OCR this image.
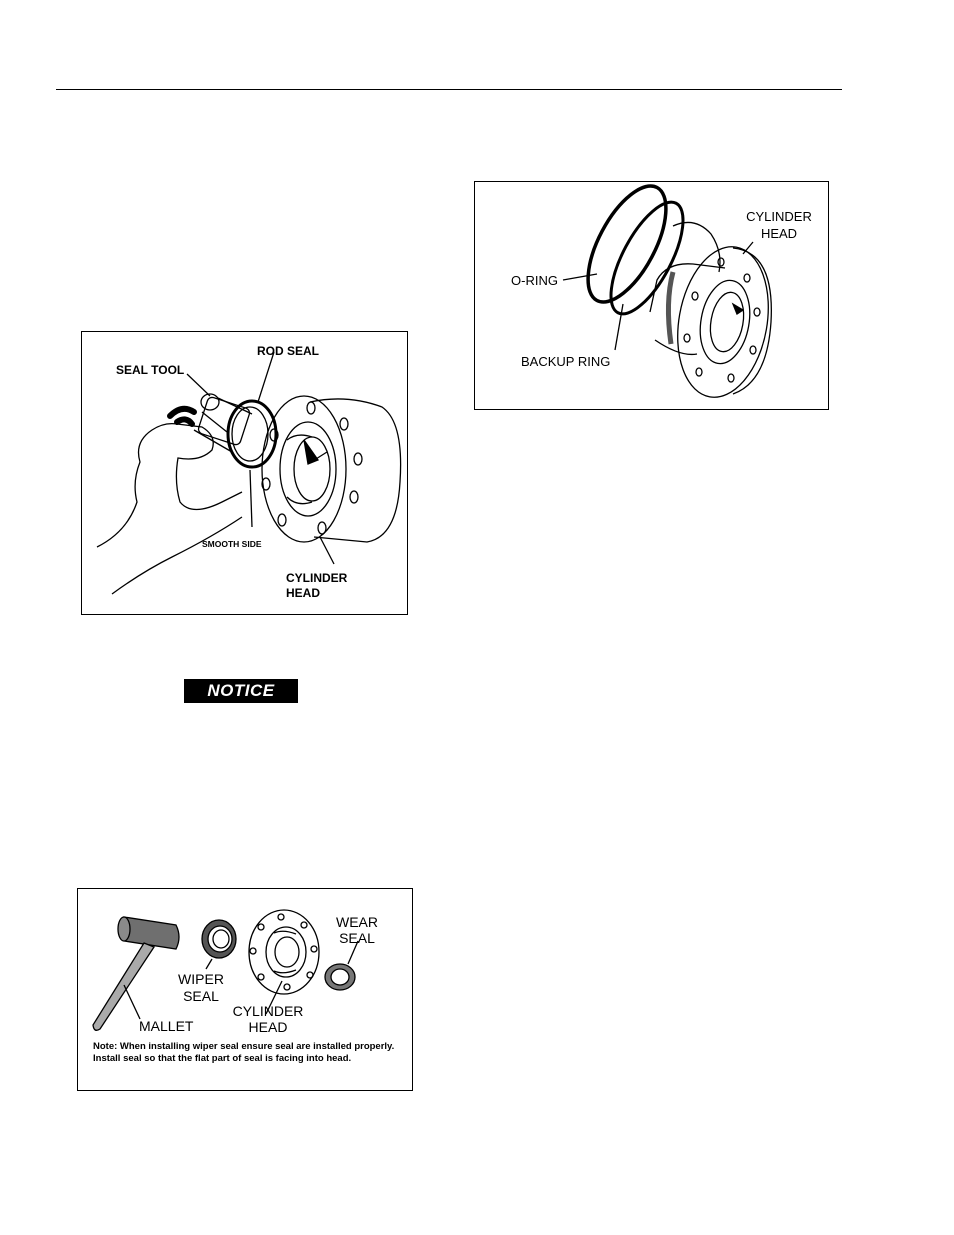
SEAL TOOL
ROD SEAL
SMOOTH SIDE
CYLINDER
HEAD
NOTICE
WEAR
SEAL
WIPER
SEAL
MALLET
CYLINDER
HEAD
Note: When installing wiper seal ensure seal are installed properly. Install seal so that the flat part of seal is facing into head.
CYLINDER
HEAD
O-RING
BACKUP RING
